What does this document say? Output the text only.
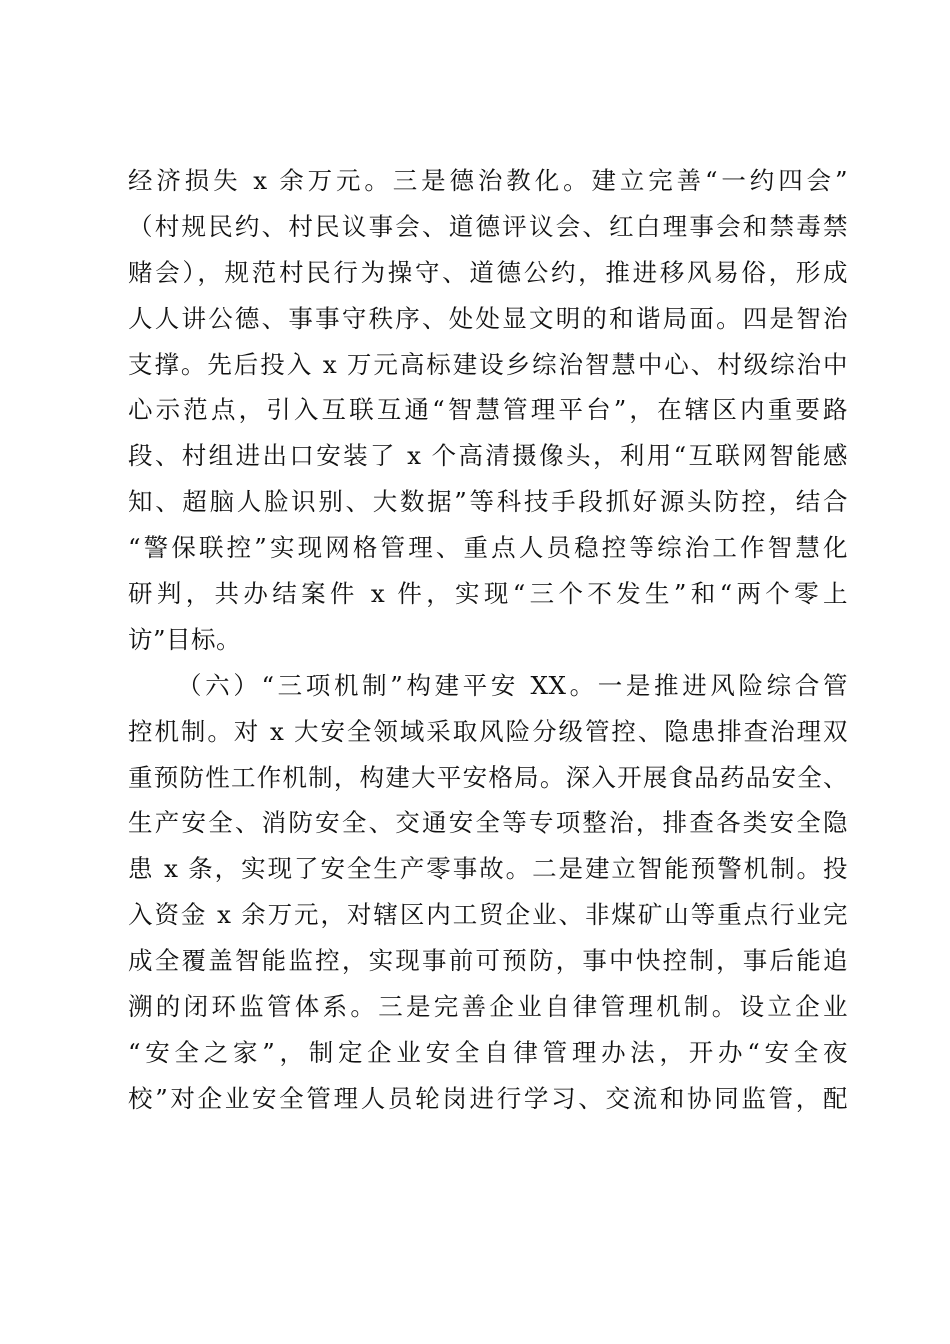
经济损失 x 余万元。三是德治教化。建立完善“一约四会”
（村规民约、村民议事会、道德评议会、红白理事会和禁毒禁
赌会），规范村民行为操守、道德公约，推进移风易俗，形成
人人讲公德、事事守秩序、处处显文明的和谐局面。四是智治
支撑。先后投入 x 万元高标建设乡综治智慧中心、村级综治中
心示范点，引入互联互通“智慧管理平台”，在辖区内重要路
段、村组进出口安装了 x 个高清摄像头，利用“互联网智能感
知、超脑人脸识别、大数据”等科技手段抓好源头防控，结合
“警保联控”实现网格管理、重点人员稳控等综治工作智慧化
研判，共办结案件 x 件，实现“三个不发生”和“两个零上
访”目标。
（六）“三项机制”构建平安 XX。一是推进风险综合管
控机制。对 x 大安全领域采取风险分级管控、隐患排查治理双
重预防性工作机制，构建大平安格局。深入开展食品药品安全、
生产安全、消防安全、交通安全等专项整治，排查各类安全隐
患 x 条，实现了安全生产零事故。二是建立智能预警机制。投
入资金 x 余万元，对辖区内工贸企业、非煤矿山等重点行业完
成全覆盖智能监控，实现事前可预防，事中快控制，事后能追
溯的闭环监管体系。三是完善企业自律管理机制。设立企业
“安全之家”，制定企业安全自律管理办法，开办“安全夜
校”对企业安全管理人员轮岗进行学习、交流和协同监管，配
